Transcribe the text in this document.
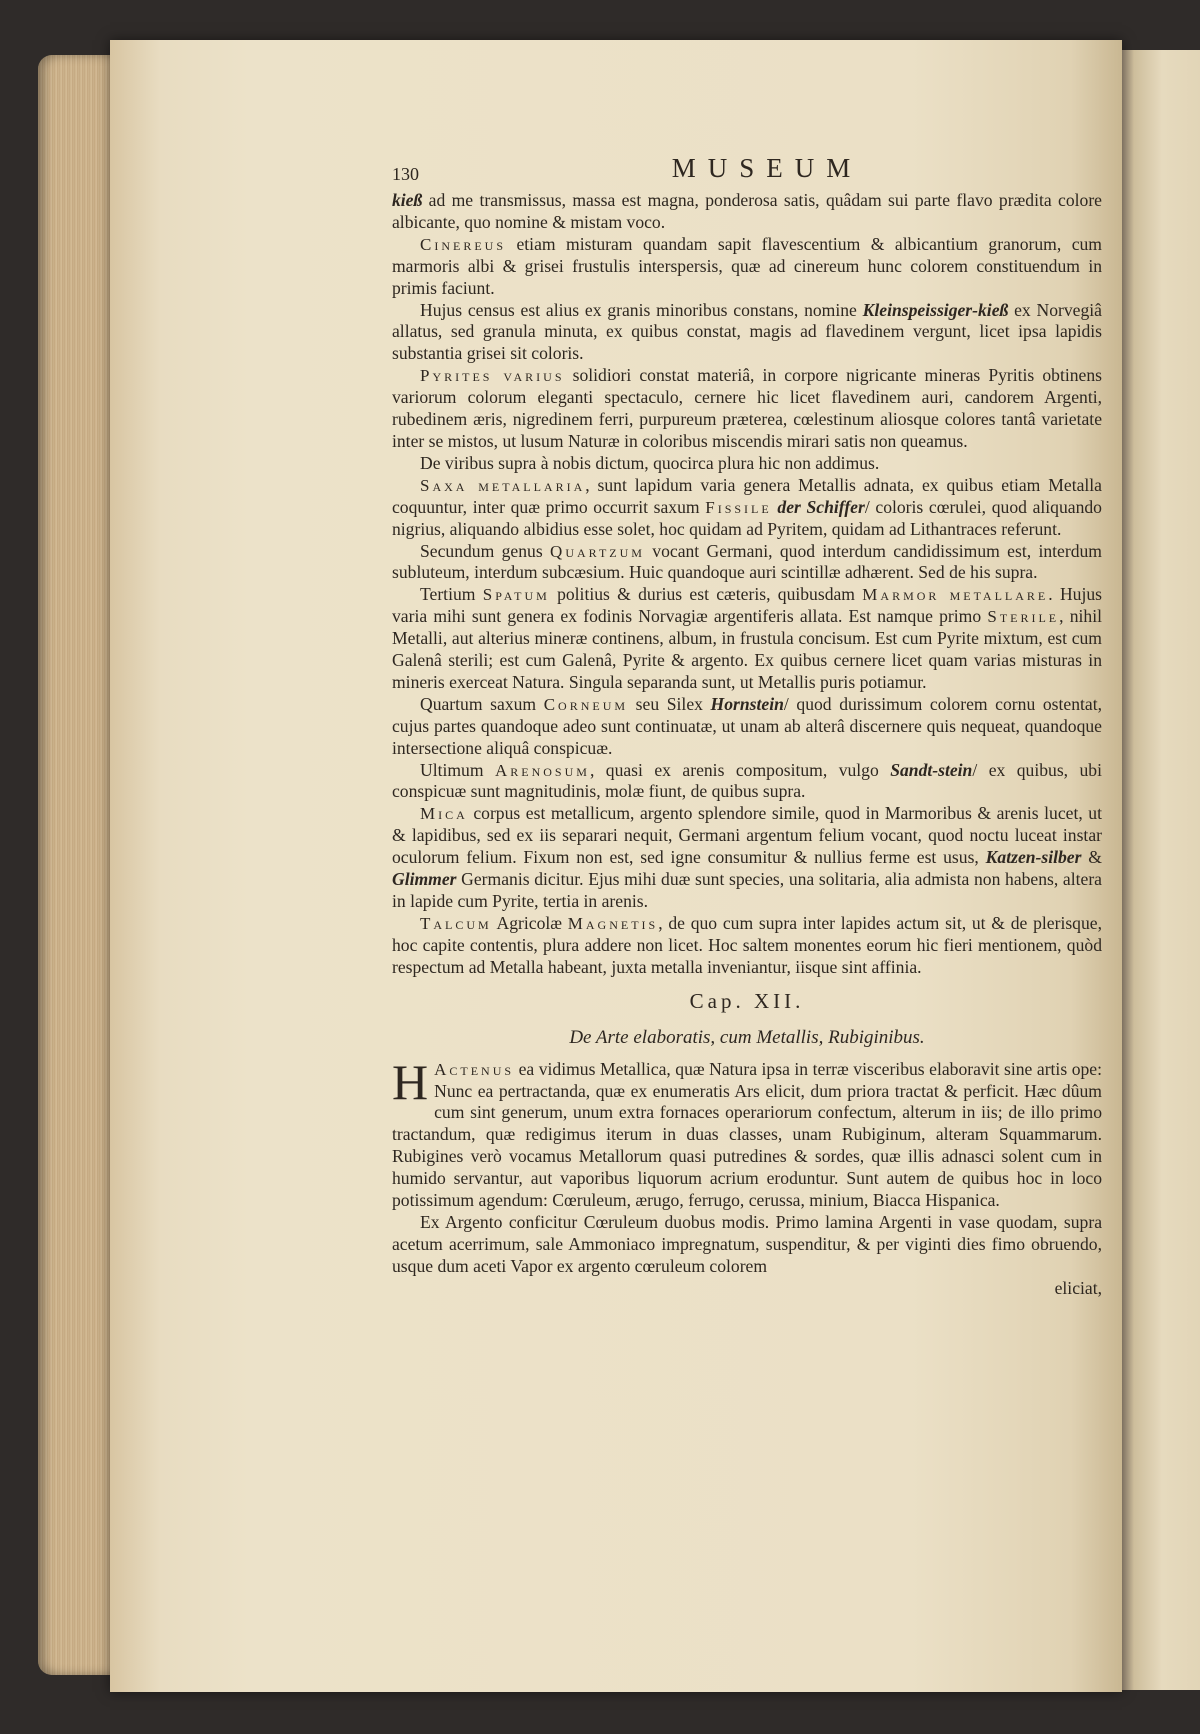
130	MUSEUM

kieß ad me transmissus, massa est magna, ponderosa satis, quâdam sui parte flavo prædita colore albicante, quo nomine & mistam voco.

Cinereus etiam misturam quandam sapit flavescentium & albicantium granorum, cum marmoris albi & grisei frustulis interspersis, quæ ad cinereum hunc colorem constituendum in primis faciunt.

Hujus census est alius ex granis minoribus constans, nomine Kleinspeissiger-kieß ex Norvegiâ allatus, sed granula minuta, ex quibus constat, magis ad flavedinem vergunt, licet ipsa lapidis substantia grisei sit coloris.

Pyrites varius solidiori constat materiâ, in corpore nigricante mineras Pyritis obtinens variorum colorum eleganti spectaculo, cernere hic licet flavedinem auri, candorem Argenti, rubedinem æris, nigredinem ferri, purpureum præterea, cœlestinum aliosque colores tantâ varietate inter se mistos, ut lusum Naturæ in coloribus miscendis mirari satis non queamus.

De viribus supra à nobis dictum, quocirca plura hic non addimus.

Saxa metallaria, sunt lapidum varia genera Metallis adnata, ex quibus etiam Metalla coquuntur, inter quæ primo occurrit saxum Fissile der Schiffer/ coloris cœrulei, quod aliquando nigrius, aliquando albidius esse solet, hoc quidam ad Pyritem, quidam ad Lithantraces referunt.

Secundum genus Quartzum vocant Germani, quod interdum candidissimum est, interdum subluteum, interdum subcæsium. Huic quandoque auri scintillæ adhærent. Sed de his supra.

Tertium Spatum politius & durius est cæteris, quibusdam Marmor metallare. Hujus varia mihi sunt genera ex fodinis Norvagiæ argentiferis allata. Est namque primo Sterile, nihil Metalli, aut alterius mineræ continens, album, in frustula concisum. Est cum Pyrite mixtum, est cum Galenâ sterili; est cum Galenâ, Pyrite & argento. Ex quibus cernere licet quam varias misturas in mineris exerceat Natura. Singula separanda sunt, ut Metallis puris potiamur.

Quartum saxum Corneum seu Silex Hornstein/ quod durissimum colorem cornu ostentat, cujus partes quandoque adeo sunt continuatæ, ut unam ab alterâ discernere quis nequeat, quandoque intersectione aliquâ conspicuæ.

Ultimum Arenosum, quasi ex arenis compositum, vulgo Sandt-stein/ ex quibus, ubi conspicuæ sunt magnitudinis, molæ fiunt, de quibus supra.

Mica corpus est metallicum, argento splendore simile, quod in Marmoribus & arenis lucet, ut & lapidibus, sed ex iis separari nequit, Germani argentum felium vocant, quod noctu luceat instar oculorum felium. Fixum non est, sed igne consumitur & nullius ferme est usus, Katzen-silber & Glimmer Germanis dicitur. Ejus mihi duæ sunt species, una solitaria, alia admista non habens, altera in lapide cum Pyrite, tertia in arenis.

Talcum Agricolæ Magnetis, de quo cum supra inter lapides actum sit, ut & de plerisque, hoc capite contentis, plura addere non licet. Hoc saltem monentes eorum hic fieri mentionem, quòd respectum ad Metalla habeant, juxta metalla inveniantur, iisque sint affinia.

Cap. XII.
De Arte elaboratis, cum Metallis, Rubiginibus.

H Actenus ea vidimus Metallica, quæ Natura ipsa in terræ visceribus elaboravit sine artis ope: Nunc ea pertractanda, quæ ex enumeratis Ars elicit, dum priora tractat & perficit. Hæc dûum cum sint generum, unum extra fornaces operariorum confectum, alterum in iis; de illo primo tractandum, quæ redigimus iterum in duas classes, unam Rubiginum, alteram Squammarum. Rubigines verò vocamus Metallorum quasi putredines & sordes, quæ illis adnasci solent cum in humido servantur, aut vaporibus liquorum acrium eroduntur. Sunt autem de quibus hoc in loco potissimum agendum: Cœruleum, ærugo, ferrugo, cerussa, minium, Biacca Hispanica.

Ex Argento conficitur Cœruleum duobus modis. Primo lamina Argenti in vase quodam, supra acetum acerrimum, sale Ammoniaco impregnatum, suspenditur, & per viginti dies fimo obruendo, usque dum aceti Vapor ex argento cœruleum colorem

eliciat,
